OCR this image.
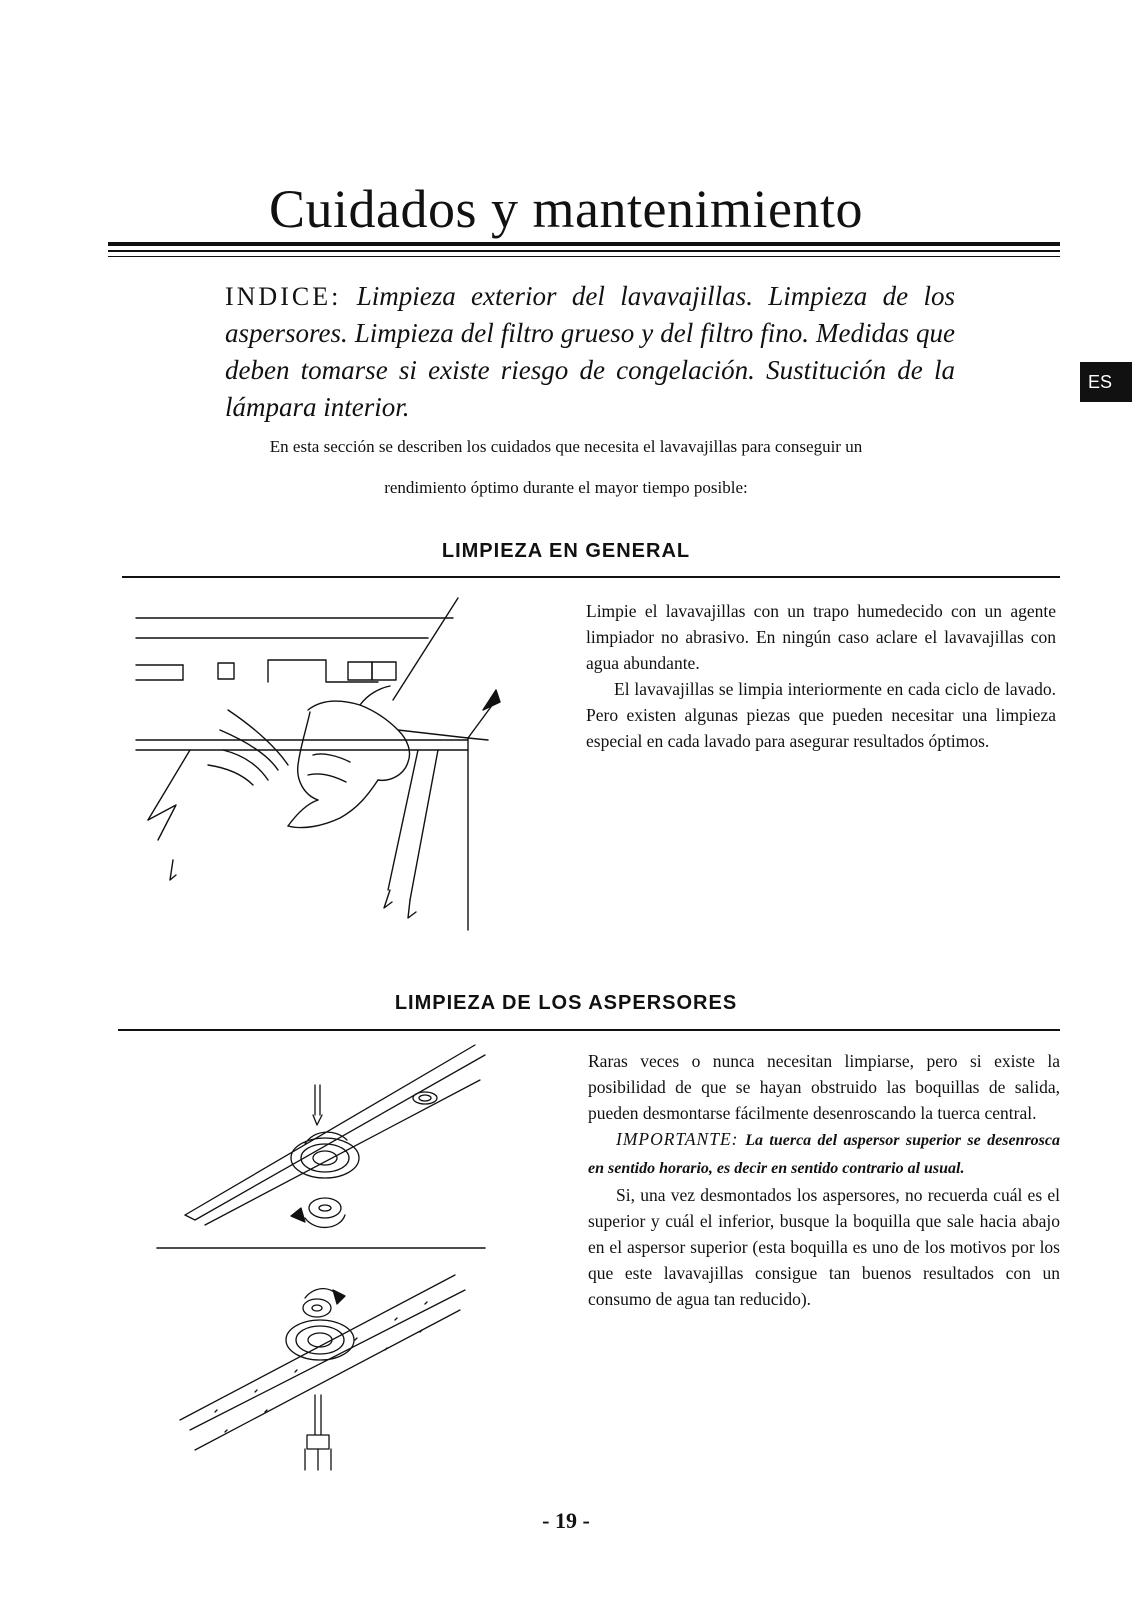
Cuidados y mantenimiento
INDICE: Limpieza exterior del lavavajillas. Limpieza de los aspersores. Limpieza del filtro grueso y del filtro fino. Medidas que deben tomarse si existe riesgo de congelación. Sustitución de la lámpara interior.
ES
En esta sección se describen los cuidados que necesita el lavavajillas para conseguir un
rendimiento óptimo durante el mayor tiempo posible:
LIMPIEZA EN GENERAL

Limpie el lavavajillas con un trapo humedecido con un agente limpiador no abrasivo. En ningún caso aclare el lavavajillas con agua abundante.

El lavavajillas se limpia interiormente en cada ciclo de lavado. Pero existen algunas piezas que pueden necesitar una limpieza especial en cada lavado para asegurar resultados óptimos.

LIMPIEZA DE LOS ASPERSORES

Raras veces o nunca necesitan limpiarse, pero si existe la posibilidad de que se hayan obstruido las boquillas de salida, pueden desmontarse fácilmente desenroscando la tuerca central.

IMPORTANTE: La tuerca del aspersor superior se desenrosca en sentido horario, es decir en sentido contrario al usual.

Si, una vez desmontados los aspersores, no recuerda cuál es el superior y cuál el inferior, busque la boquilla que sale hacia abajo en el aspersor superior (esta boquilla es uno de los motivos por los que este lavavajillas consigue tan buenos resultados con un consumo de agua tan reducido).

- 19 -
